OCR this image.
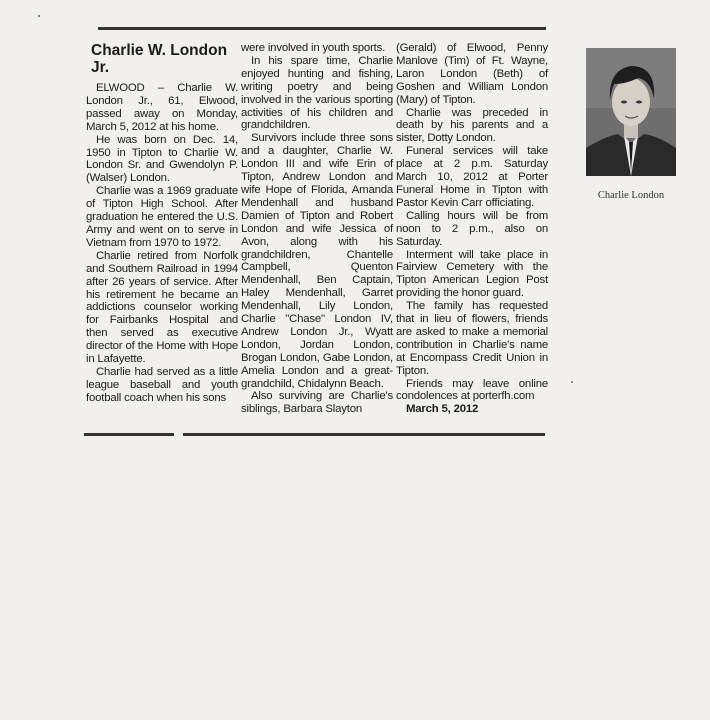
Charlie W. London Jr.

ELWOOD – Charlie W. London Jr., 61, Elwood, passed away on Monday, March 5, 2012 at his home.

He was born on Dec. 14, 1950 in Tipton to Charlie W. London Sr. and Gwendolyn P. (Walser) London.

Charlie was a 1969 graduate of Tipton High School. After graduation he entered the U.S. Army and went on to serve in Vietnam from 1970 to 1972.

Charlie retired from Norfolk and Southern Railroad in 1994 after 26 years of service. After his retirement he became an addictions counselor working for Fairbanks Hospital and then served as executive director of the Home with Hope in Lafayette.

Charlie had served as a little league baseball and youth football coach when his sons

were involved in youth sports.

In his spare time, Charlie enjoyed hunting and fishing, writing poetry and being involved in the various sporting activities of his children and grandchildren.

Survivors include three sons and a daughter, Charlie W. London III and wife Erin of Tipton, Andrew London and wife Hope of Florida, Amanda Mendenhall and husband Damien of Tipton and Robert London and wife Jessica of Avon, along with his grandchildren, Chantelle Campbell, Quenton Mendenhall, Ben Captain, Haley Mendenhall, Garret Mendenhall, Lily London, Charlie "Chase" London IV, Andrew London Jr., Wyatt London, Jordan London, Brogan London, Gabe London, Amelia London and a great-grandchild, Chidalynn Beach.

Also surviving are Charlie's siblings, Barbara Slayton

(Gerald) of Elwood, Penny Manlove (Tim) of Ft. Wayne, Laron London (Beth) of Goshen and William London (Mary) of Tipton.

Charlie was preceded in death by his parents and a sister, Dotty London.

Funeral services will take place at 2 p.m. Saturday March 10, 2012 at Porter Funeral Home in Tipton with Pastor Kevin Carr officiating.

Calling hours will be from noon to 2 p.m., also on Saturday.

Interment will take place in Fairview Cemetery with the Tipton American Legion Post providing the honor guard.

The family has requested that in lieu of flowers, friends are asked to make a memorial contribution in Charlie's name at Encompass Credit Union in Tipton.

Friends may leave online condolences at porterfh.com

March 5, 2012

Charlie London
